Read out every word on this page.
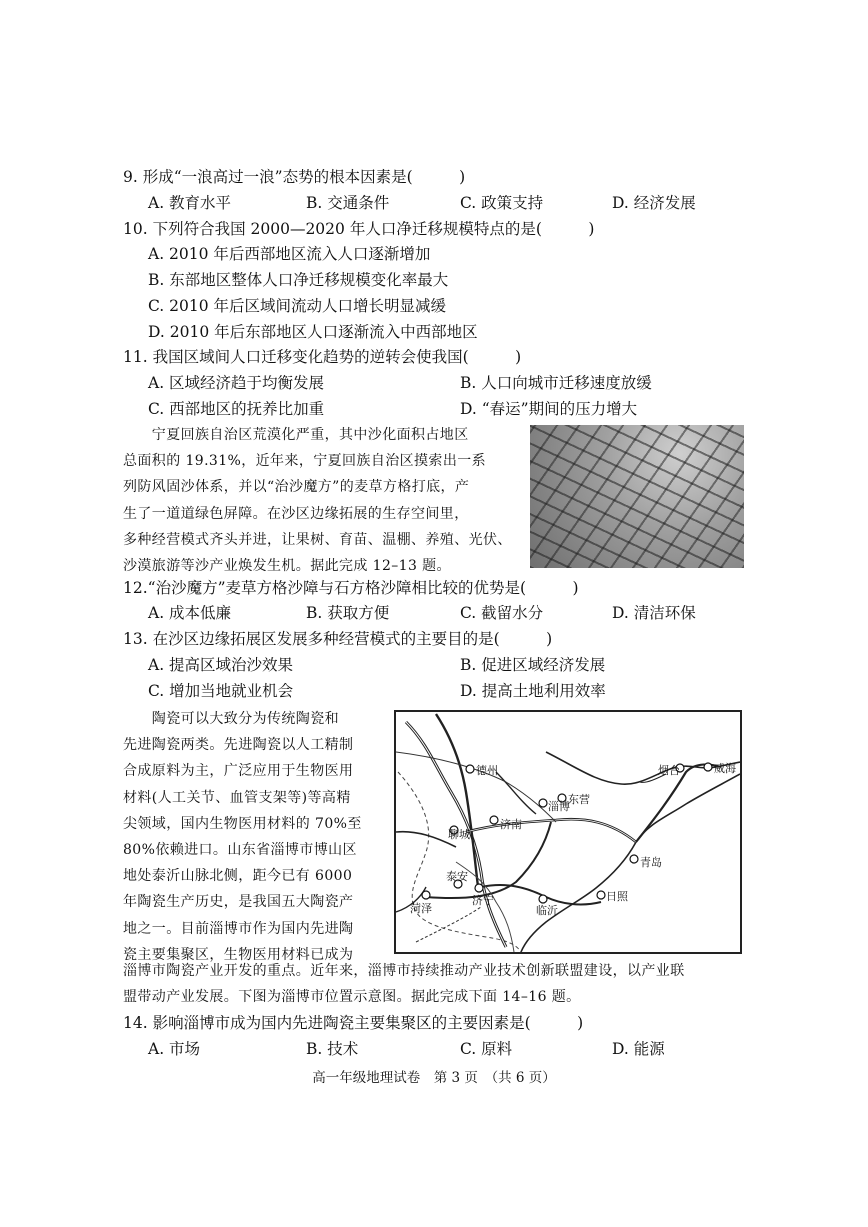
9. 形成“一浪高过一浪”态势的根本因素是(　　　)
A. 教育水平	B. 交通条件	C. 政策支持	D. 经济发展
10. 下列符合我国 2000—2020 年人口净迁移规模特点的是(　　　)
A. 2010 年后西部地区流入人口逐渐增加
B. 东部地区整体人口净迁移规模变化率最大
C. 2010 年后区域间流动人口增长明显减缓
D. 2010 年后东部地区人口逐渐流入中西部地区
11. 我国区域间人口迁移变化趋势的逆转会使我国(　　　)
A. 区域经济趋于均衡发展	B. 人口向城市迁移速度放缓
C. 西部地区的抚养比加重	D. “春运”期间的压力增大

　　宁夏回族自治区荒漠化严重，其中沙化面积占地区

总面积的 19.31%，近年来，宁夏回族自治区摸索出一系

列防风固沙体系，并以“治沙魔方”的麦草方格打底，产

生了一道道绿色屏障。在沙区边缘拓展的生存空间里，

多种经营模式齐头并进，让果树、育苗、温棚、养殖、光伏、

沙漠旅游等沙产业焕发生机。据此完成 12–13 题。

12.“治沙魔方”麦草方格沙障与石方格沙障相比较的优势是(　　　)
A. 成本低廉	B. 获取方便	C. 截留水分	D. 清洁环保
13. 在沙区边缘拓展区发展多种经营模式的主要目的是(　　　)
A. 提高区域治沙效果	B. 促进区域经济发展
C. 增加当地就业机会	D. 提高土地利用效率

　　陶瓷可以大致分为传统陶瓷和

先进陶瓷两类。先进陶瓷以人工精制

合成原料为主，广泛应用于生物医用

材料(人工关节、血管支架等)等高精

尖领域，国内生物医用材料的 70%至

80%依赖进口。山东省淄博市博山区

地处泰沂山脉北侧，距今已有 6000

年陶瓷生产历史，是我国五大陶瓷产

地之一。目前淄博市作为国内先进陶

瓷主要集聚区，生物医用材料已成为

德州
东营
烟台	威海
淄博
济南
聊城
青岛
泰安
济宁
菏泽	临沂
日照

淄博市陶瓷产业开发的重点。近年来，淄博市持续推动产业技术创新联盟建设，以产业联

盟带动产业发展。下图为淄博市位置示意图。据此完成下面 14–16 题。

14. 影响淄博市成为国内先进陶瓷主要集聚区的主要因素是(　　　)
A. 市场	B. 技术	C. 原料	D. 能源
高一年级地理试卷　第 3 页　（共 6 页）
